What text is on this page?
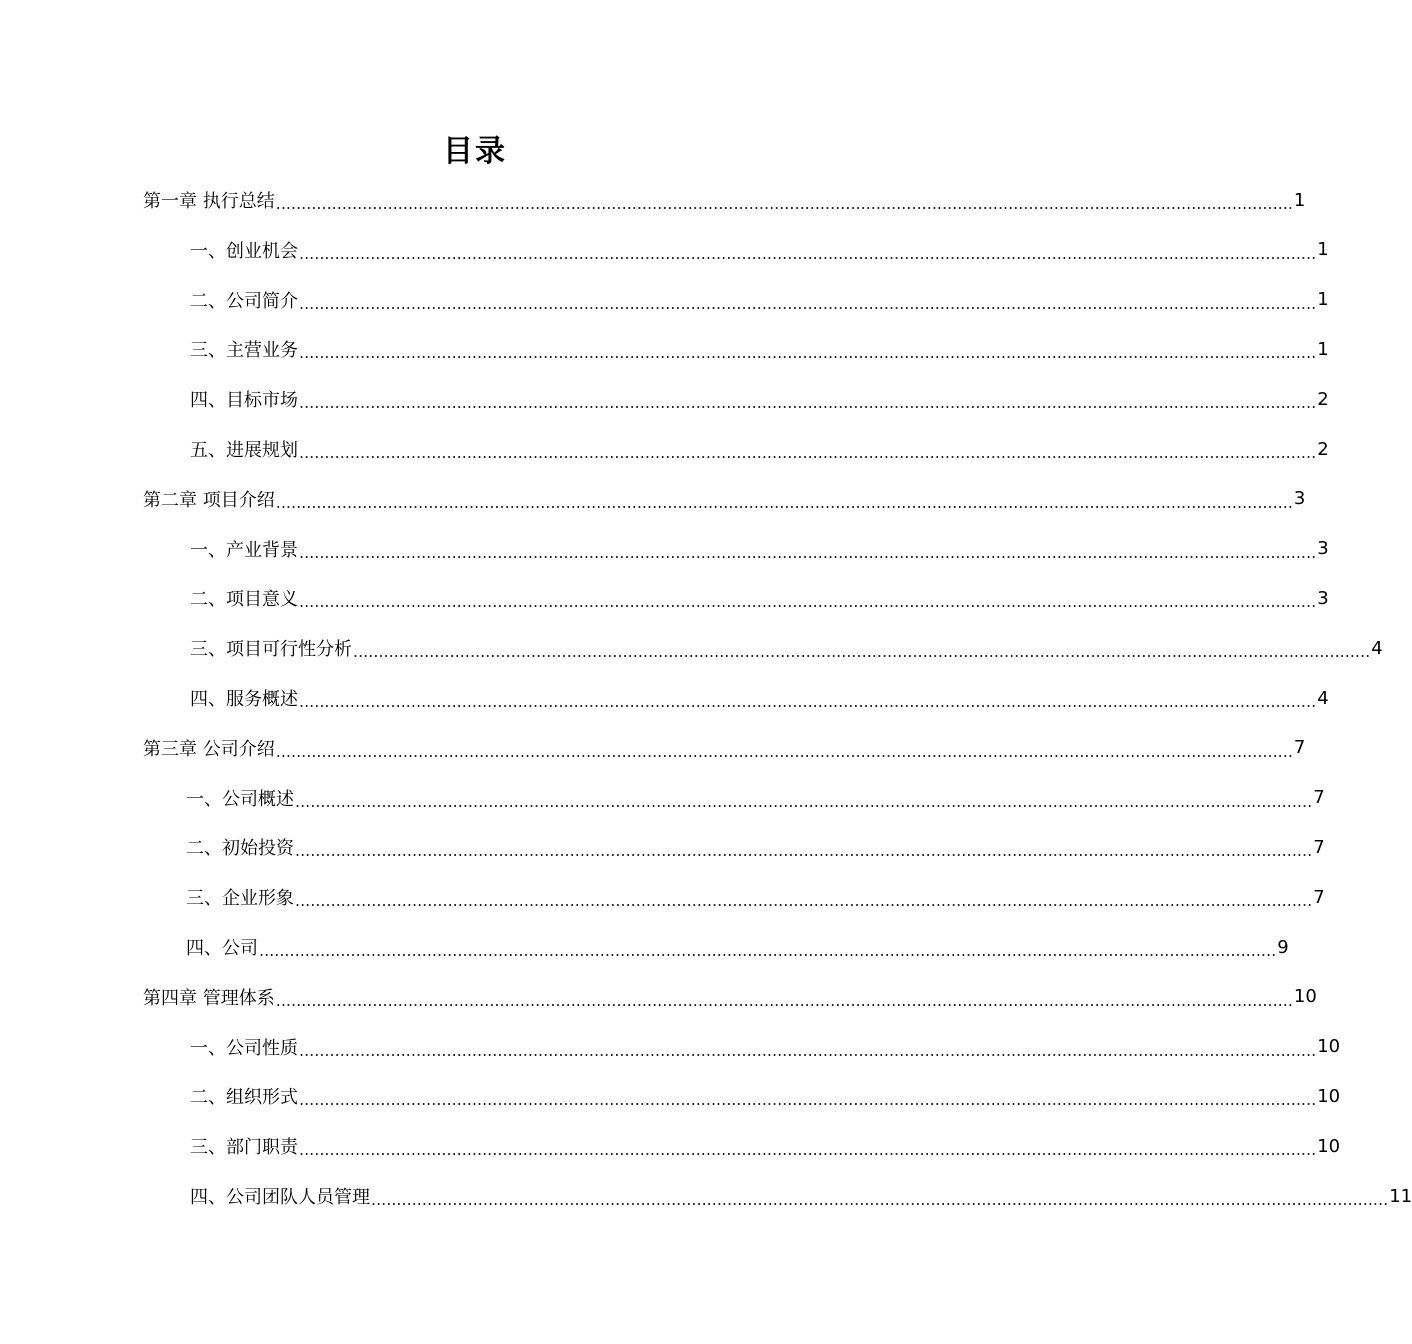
目录
第一章 执行总结 ........................................................................................................................................................................................................ 1
一、创业机会 ........................................................................................................................................................................................................ 1
二、公司简介 ........................................................................................................................................................................................................ 1
三、主营业务 ........................................................................................................................................................................................................ 1
四、目标市场 ........................................................................................................................................................................................................ 2
五、进展规划 ........................................................................................................................................................................................................ 2
第二章 项目介绍 ........................................................................................................................................................................................................ 3
一、产业背景 ........................................................................................................................................................................................................ 3
二、项目意义 ........................................................................................................................................................................................................ 3
三、项目可行性分析 ........................................................................................................................................................................................................ 4
四、服务概述 ........................................................................................................................................................................................................ 4
第三章 公司介绍 ........................................................................................................................................................................................................ 7
一、公司概述 ........................................................................................................................................................................................................ 7
二、初始投资 ........................................................................................................................................................................................................ 7
三、企业形象 ........................................................................................................................................................................................................ 7
四、公司 ........................................................................................................................................................................................................ 9
第四章 管理体系 ........................................................................................................................................................................................................ 10
一、公司性质 ........................................................................................................................................................................................................ 10
二、组织形式 ........................................................................................................................................................................................................ 10
三、部门职责 ........................................................................................................................................................................................................ 10
四、公司团队人员管理 ........................................................................................................................................................................................................ 11
